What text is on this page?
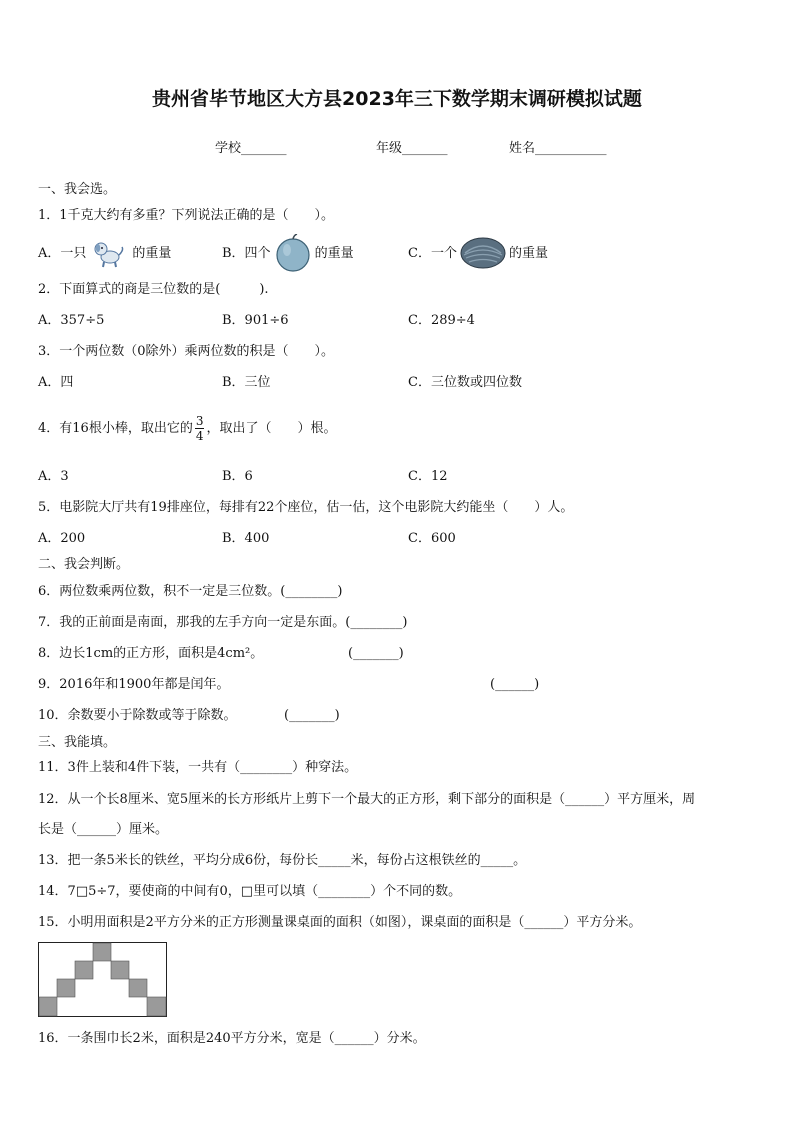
贵州省毕节地区大方县2023年三下数学期末调研模拟试题
学校_______	年级_______	姓名___________
一、我会选。
1．1千克大约有多重？下列说法正确的是（　　）。
A．一只	的重量	B．四个	的重量	C．一个	的重量
2．下面算式的商是三位数的是(　　　).
A．357÷5	B．901÷6	C．289÷4
3．一个两位数（0除外）乘两位数的积是（　　）。
A．四	B．三位	C．三位数或四位数
4．有16根小棒，取出它的 $\frac{3}{4}$ ，取出了（　　）根。
A．3	B．6	C．12
5．电影院大厅共有19排座位，每排有22个座位，估一估，这个电影院大约能坐（　　）人。
A．200	B．400	C．600
二、我会判断。
6．两位数乘两位数，积不一定是三位数。(________)
7．我的正前面是南面，那我的左手方向一定是东面。(________)
8．边长1cm的正方形，面积是4cm²。	(_______)
9．2016年和1900年都是闰年。	(______)
10．余数要小于除数或等于除数。	(_______)
三、我能填。
11．3件上装和4件下装，一共有（________）种穿法。
12．从一个长8厘米、宽5厘米的长方形纸片上剪下一个最大的正方形，剩下部分的面积是（______）平方厘米，周
长是（______）厘米。
13．把一条5米长的铁丝，平均分成6份，每份长_____米，每份占这根铁丝的_____。
14．7□5÷7，要使商的中间有0，□里可以填（________）个不同的数。
15．小明用面积是2平方分米的正方形测量课桌面的面积（如图），课桌面的面积是（______）平方分米。
16．一条围巾长2米，面积是240平方分米，宽是（______）分米。
